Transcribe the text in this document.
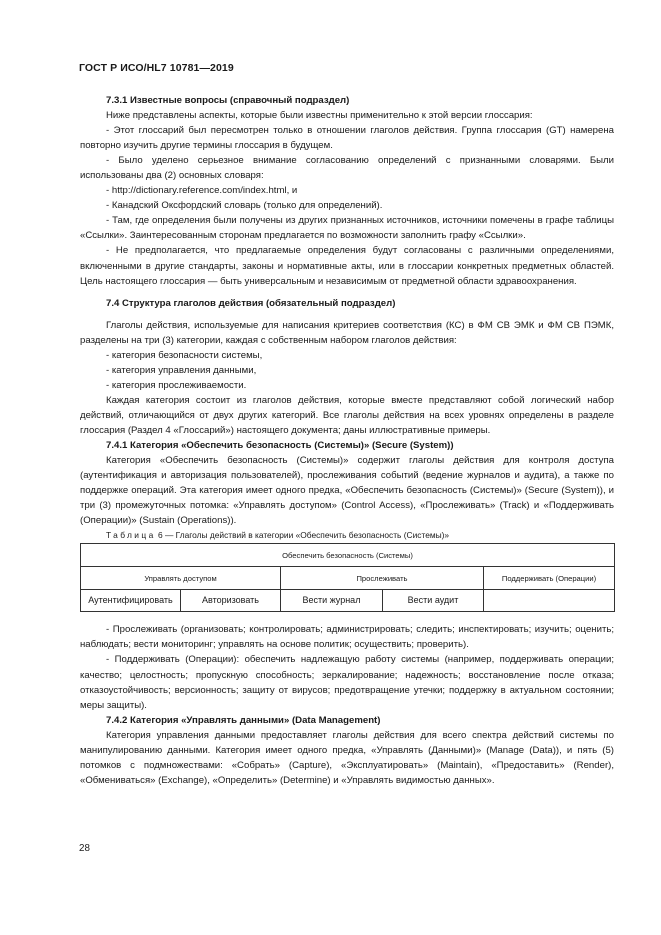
ГОСТ Р ИСО/HL7 10781—2019
7.3.1 Известные вопросы (справочный подраздел)

Ниже представлены аспекты, которые были известны применительно к этой версии глоссария:

- Этот глоссарий был пересмотрен только в отношении глаголов действия. Группа глоссария (GT) намерена повторно изучить другие термины глоссария в будущем.

- Было уделено серьезное внимание согласованию определений с признанными словарями. Были использованы два (2) основных словаря:

- http://dictionary.reference.com/index.html, и

- Канадский Оксфордский словарь (только для определений).

- Там, где определения были получены из других признанных источников, источники помечены в графе таблицы «Ссылки». Заинтересованным сторонам предлагается по возможности заполнить графу «Ссылки».

- Не предполагается, что предлагаемые определения будут согласованы с различными определениями, включенными в другие стандарты, законы и нормативные акты, или в глоссарии конкретных предметных областей. Цель настоящего глоссария — быть универсальным и независимым от предметной области здравоохранения.

7.4 Структура глаголов действия (обязательный подраздел)

Глаголы действия, используемые для написания критериев соответствия (КС) в ФМ СВ ЭМК и ФМ СВ ПЭМК, разделены на три (3) категории, каждая с собственным набором глаголов действия:

- категория безопасности системы,

- категория управления данными,

- категория прослеживаемости.

Каждая категория состоит из глаголов действия, которые вместе представляют собой логический набор действий, отличающийся от двух других категорий. Все глаголы действия на всех уровнях определены в разделе глоссария (Раздел 4 «Глоссарий») настоящего документа; даны иллюстративные примеры.

7.4.1 Категория «Обеспечить безопасность (Системы)» (Secure (System))

Категория «Обеспечить безопасность (Системы)» содержит глаголы действия для контроля доступа (аутентификация и авторизация пользователей), прослеживания событий (ведение журналов и аудита), а также по поддержке операций. Эта категория имеет одного предка, «Обеспечить безопасность (Системы)» (Secure (System)), и три (3) промежуточных потомка: «Управлять доступом» (Control Access), «Прослеживать» (Track) и «Поддерживать (Операции)» (Sustain (Operations)).

Таблица 6 — Глаголы действий в категории «Обеспечить безопасность (Системы)»

Обеспечить безопасность (Системы)				
Управлять доступом		Прослеживать		Поддерживать (Операции)
Аутентифицировать	Авторизовать	Вести журнал	Вести аудит	

- Прослеживать (организовать; контролировать; администрировать; следить; инспектировать; изучить; оценить; наблюдать; вести мониторинг; управлять на основе политик; осуществить; проверить).

- Поддерживать (Операции): обеспечить надлежащую работу системы (например, поддерживать операции; качество; целостность; пропускную способность; зеркалирование; надежность; восстановление после отказа; отказоустойчивость; версионность; защиту от вирусов; предотвращение утечки; поддержку в актуальном состоянии; меры защиты).

7.4.2 Категория «Управлять данными» (Data Management)

Категория управления данными предоставляет глаголы действия для всего спектра действий системы по манипулированию данными. Категория имеет одного предка, «Управлять (Данными)» (Manage (Data)), и пять (5) потомков с подмножествами: «Собрать» (Capture), «Эксплуатировать» (Maintain), «Предоставить» (Render), «Обмениваться» (Exchange), «Определить» (Determine) и «Управлять видимостью данных».

28
